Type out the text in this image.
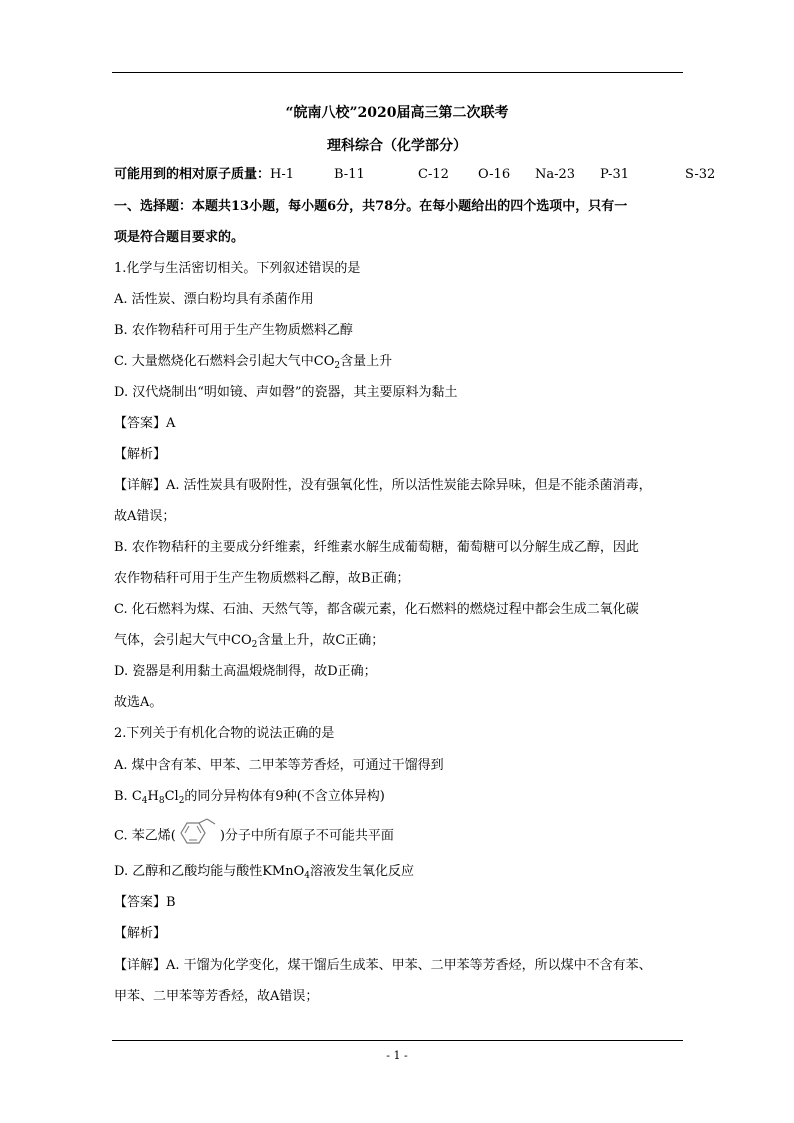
“皖南八校”2020届高三第二次联考
理科综合（化学部分）
可能用到的相对原子质量：H-1	B-11	C-12 O-16 Na-23 P-31	S-32
一、选择题：本题共13小题，每小题6分，共78分。在每小题给出的四个选项中，只有一
项是符合题目要求的。
1.化学与生活密切相关。下列叙述错误的是
A. 活性炭、漂白粉均具有杀菌作用
B. 农作物秸秆可用于生产生物质燃料乙醇
C. 大量燃烧化石燃料会引起大气中$CO_2$含量上升
D. 汉代烧制出“明如镜、声如磬”的瓷器，其主要原料为黏土
【答案】A
【解析】
【详解】A. 活性炭具有吸附性，没有强氧化性，所以活性炭能去除异味，但是不能杀菌消毒，
故A错误；
B. 农作物秸秆的主要成分纤维素，纤维素水解生成葡萄糖，葡萄糖可以分解生成乙醇，因此
农作物秸秆可用于生产生物质燃料乙醇，故B正确；
C. 化石燃料为煤、石油、天然气等，都含碳元素，化石燃料的燃烧过程中都会生成二氧化碳
气体，会引起大气中$CO_2$含量上升，故C正确；
D. 瓷器是利用黏土高温煅烧制得，故D正确；
故选A。
2.下列关于有机化合物的说法正确的是
A. 煤中含有苯、甲苯、二甲苯等芳香烃，可通过干馏得到
B. $C_4H_8Cl_2$的同分异构体有9种(不含立体异构)
C. 苯乙烯(	)分子中所有原子不可能共平面
D. 乙醇和乙酸均能与酸性KMnO$_4$溶液发生氧化反应
【答案】B
【解析】
【详解】A. 干馏为化学变化，煤干馏后生成苯、甲苯、二甲苯等芳香烃，所以煤中不含有苯、
甲苯、二甲苯等芳香烃，故A错误；
- 1 -
